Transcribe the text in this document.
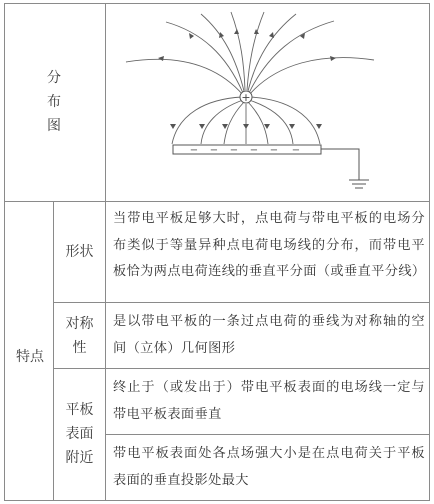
分
布
图
+
− − − − − −
特点
形状
当带电平板足够大时，点电荷与带电平板的电场分布类似于等量异种点电荷电场线的分布，而带电平板恰为两点电荷连线的垂直平分面（或垂直平分线）
对称
性
是以带电平板的一条过点电荷的垂线为对称轴的空间（立体）几何图形
平板
表面
附近
终止于（或发出于）带电平板表面的电场线一定与带电平板表面垂直
带电平板表面处各点场强大小是在点电荷关于平板表面的垂直投影处最大
